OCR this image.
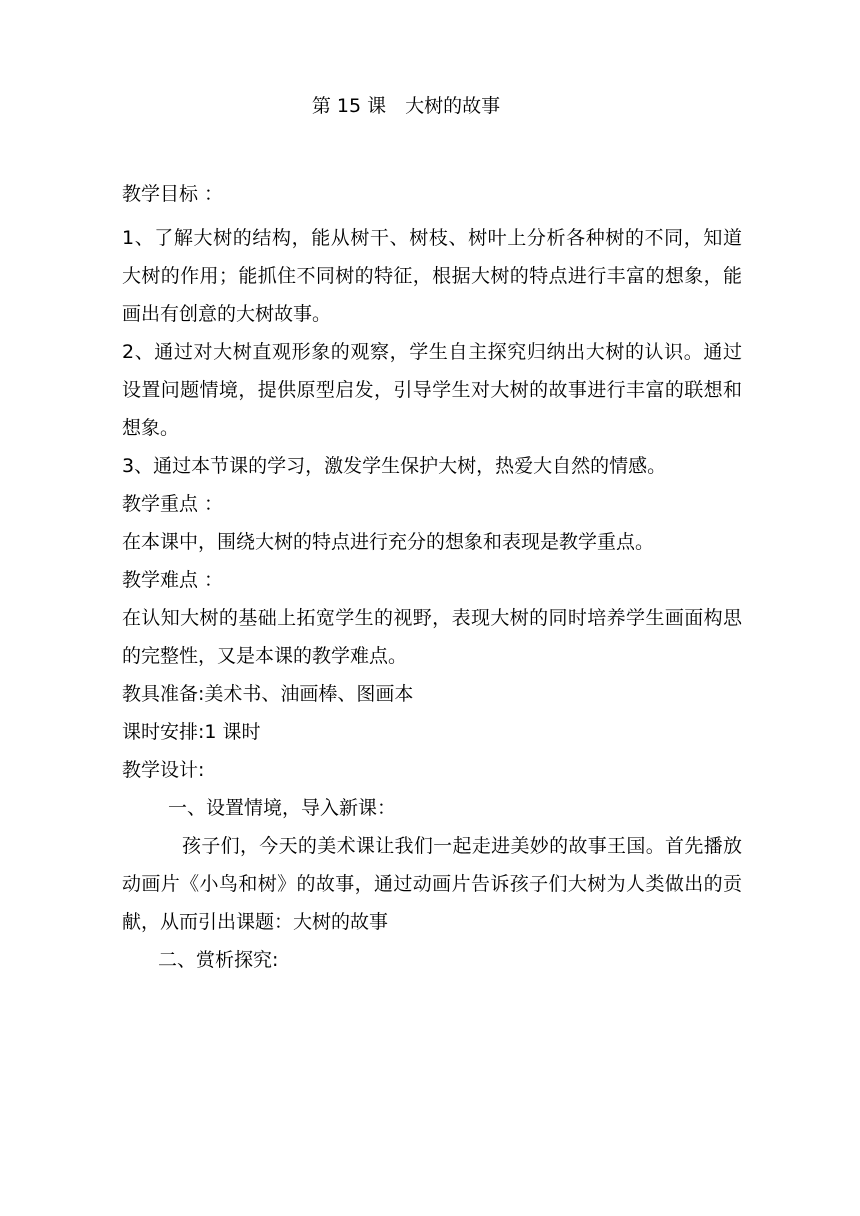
第 15 课　大树的故事

教学目标 ：

1、了解大树的结构，能从树干、树枝、树叶上分析各种树的不同，知道大树的作用；能抓住不同树的特征，根据大树的特点进行丰富的想象，能画出有创意的大树故事。

2、通过对大树直观形象的观察，学生自主探究归纳出大树的认识。通过设置问题情境，提供原型启发，引导学生对大树的故事进行丰富的联想和想象。

3、通过本节课的学习，激发学生保护大树，热爱大自然的情感。

教学重点 ：

在本课中，围绕大树的特点进行充分的想象和表现是教学重点。

教学难点 ：

在认知大树的基础上拓宽学生的视野，表现大树的同时培养学生画面构思的完整性，又是本课的教学难点。

教具准备:美术书、油画棒、图画本

课时安排:1 课时

教学设计:

一、设置情境，导入新课：

孩子们，今天的美术课让我们一起走进美妙的故事王国。首先播放动画片《小鸟和树》的故事，通过动画片告诉孩子们大树为人类做出的贡献，从而引出课题：大树的故事

二、赏析探究:
